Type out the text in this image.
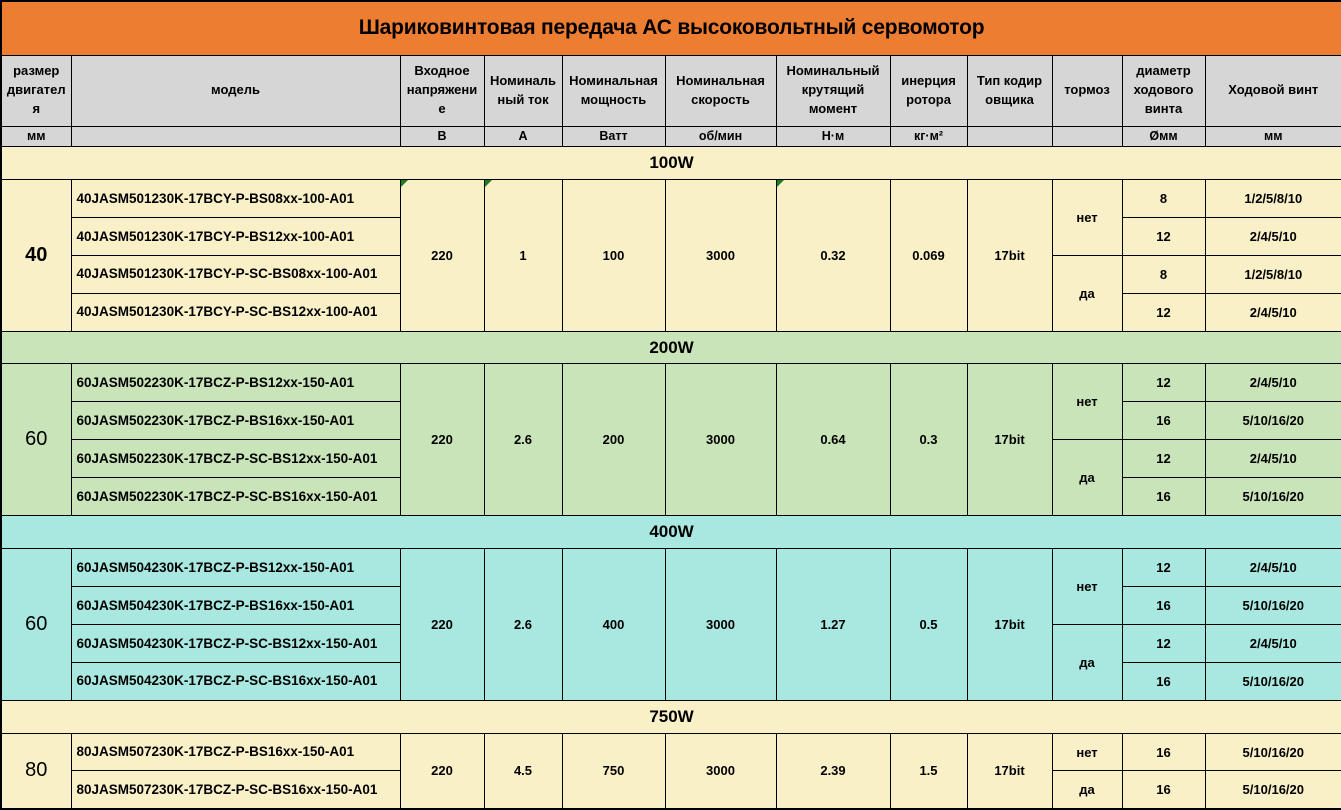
Шариковинтовая передача АС высоковольтный сервомотор											
размер двигателя	модель	Входное напряжение	Номинальный ток	Номинальная мощность	Номинальная скорость	Номинальный крутящий момент	инерция ротора	Тип кодир овщика	тормоз	диаметр ходового винта	Ходовой винт
мм		В	А	Ватт	об/мин	Н·м	кг·м²			Øмм	мм
100W											
40	40JASM501230K-17BCY-P-BS08xx-100-A01	220	1	100	3000	0.32	0.069	17bit	нет	8	1/2/5/8/10
	40JASM501230K-17BCY-P-BS12xx-100-A01									12	2/4/5/10
	40JASM501230K-17BCY-P-SC-BS08xx-100-A01								да	8	1/2/5/8/10
	40JASM501230K-17BCY-P-SC-BS12xx-100-A01									12	2/4/5/10
200W											
60	60JASM502230K-17BCZ-P-BS12xx-150-A01	220	2.6	200	3000	0.64	0.3	17bit	нет	12	2/4/5/10
	60JASM502230K-17BCZ-P-BS16xx-150-A01									16	5/10/16/20
	60JASM502230K-17BCZ-P-SC-BS12xx-150-A01								да	12	2/4/5/10
	60JASM502230K-17BCZ-P-SC-BS16xx-150-A01									16	5/10/16/20
400W											
60	60JASM504230K-17BCZ-P-BS12xx-150-A01	220	2.6	400	3000	1.27	0.5	17bit	нет	12	2/4/5/10
	60JASM504230K-17BCZ-P-BS16xx-150-A01									16	5/10/16/20
	60JASM504230K-17BCZ-P-SC-BS12xx-150-A01								да	12	2/4/5/10
	60JASM504230K-17BCZ-P-SC-BS16xx-150-A01									16	5/10/16/20
750W											
80	80JASM507230K-17BCZ-P-BS16xx-150-A01	220	4.5	750	3000	2.39	1.5	17bit	нет	16	5/10/16/20
	80JASM507230K-17BCZ-P-SC-BS16xx-150-A01								да	16	5/10/16/20
